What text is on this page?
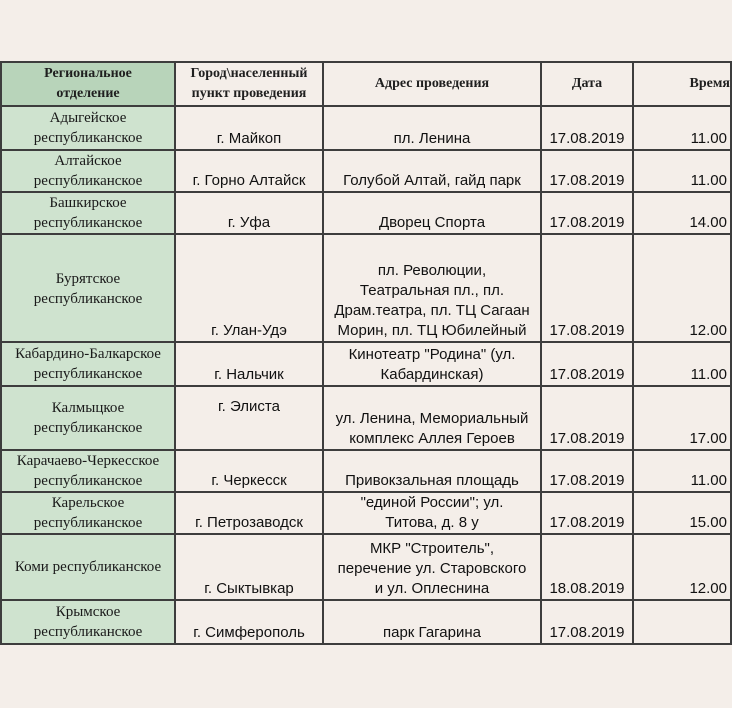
Региональное
отделение	Город\населенный
пункт проведения	Адрес проведения	Дата	Время
Адыгейское
республиканское	г. Майкоп	пл. Ленина	17.08.2019	11.00
Алтайское
республиканское	г. Горно Алтайск	Голубой Алтай, гайд парк	17.08.2019	11.00
Башкирское
республиканское	г. Уфа	Дворец Спорта	17.08.2019	14.00
Бурятское
республиканское	г. Улан-Удэ	пл. Революции,
Театральная пл., пл.
Драм.театра, пл. ТЦ Сагаан
Морин, пл. ТЦ Юбилейный	17.08.2019	12.00
Кабардино-Балкарское
республиканское	г. Нальчик	Кинотеатр "Родина" (ул.
Кабардинская)	17.08.2019	11.00
Калмыцкое
республиканское	г. Элиста	ул. Ленина, Мемориальный
комплекс Аллея Героев	17.08.2019	17.00
Карачаево-Черкесское
республиканское	г. Черкесск	Привокзальная площадь	17.08.2019	11.00
Карельское
республиканское	г. Петрозаводск	"единой России"; ул.
Титова, д. 8 у	17.08.2019	15.00
Коми республиканское	г. Сыктывкар	МКР "Строитель",
перечение ул. Старовского
и ул. Оплеснина	18.08.2019	12.00
Крымское
республиканское	г. Симферополь	парк Гагарина	17.08.2019	
